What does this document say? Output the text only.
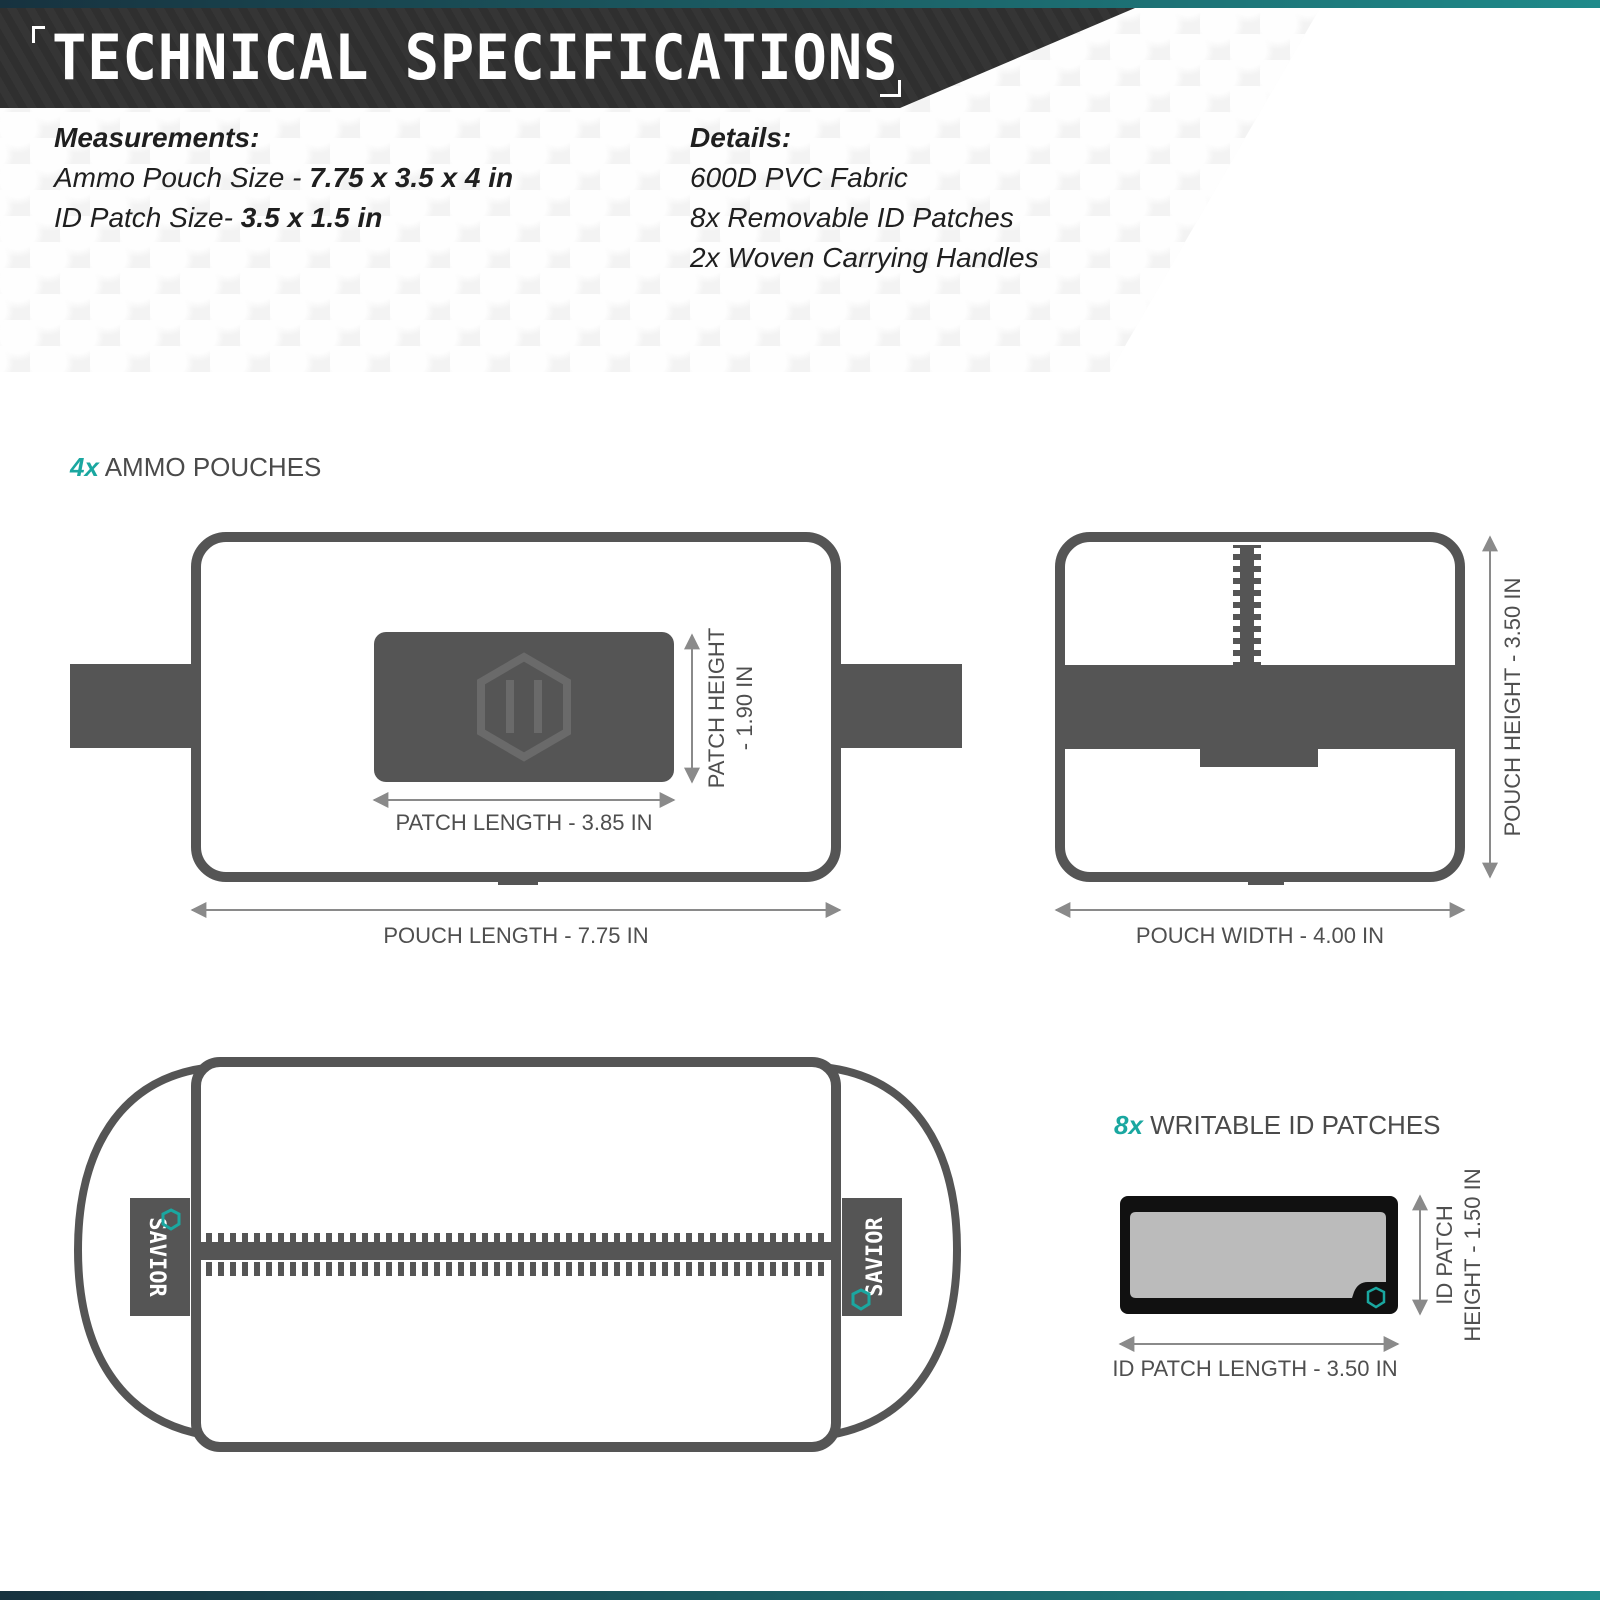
TECHNICAL SPECIFICATIONS
Measurements:
Ammo Pouch Size - 7.75 x 3.5 x 4 in
ID Patch Size- 3.5 x 1.5 in
Details:
600D PVC Fabric
8x Removable ID Patches
2x Woven Carrying Handles
4x AMMO POUCHES
8x WRITABLE ID PATCHES
PATCH HEIGHT - 1.90 IN
PATCH LENGTH - 3.85 IN
POUCH LENGTH - 7.75 IN
POUCH HEIGHT - 3.50 IN
POUCH WIDTH - 4.00 IN
SAVIOR	SAVIOR	ID PATCH HEIGHT - 1.50 IN
ID PATCH LENGTH - 3.50 IN
